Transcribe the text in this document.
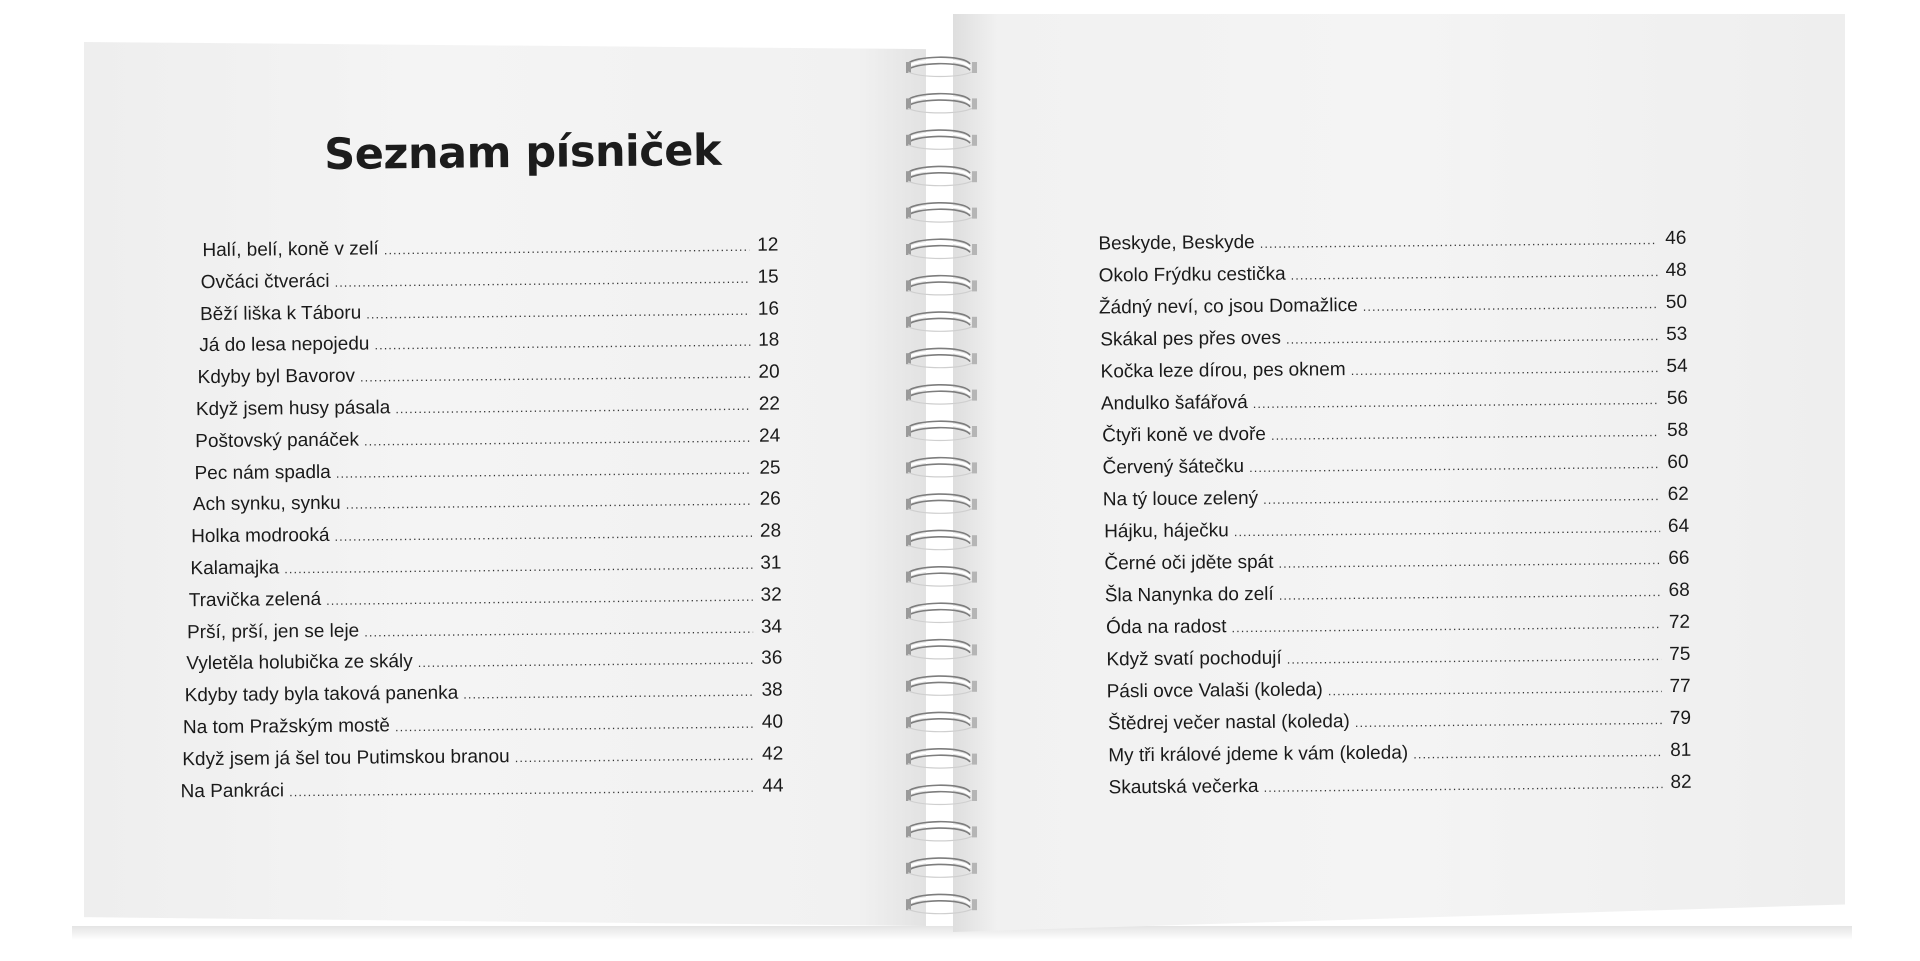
Seznam písniček
Halí, belí, koně v zelí .....	12
Ovčáci čtveráci .....	15
Běží liška k Táboru .....	16
Já do lesa nepojedu .....	18
Kdyby byl Bavorov .....	20
Když jsem husy pásala .....	22
Poštovský panáček .....	24
Pec nám spadla .....	25
Ach synku, synku .....	26
Holka modrooká .....	28
Kalamajka .....	31
Travička zelená .....	32
Prší, prší, jen se leje .....	34
Vyletěla holubička ze skály .....	36
Kdyby tady byla taková panenka .....	38
Na tom Pražským mostě .....	40
Když jsem já šel tou Putimskou branou .....	42
Na Pankráci .....	44
Beskyde, Beskyde .....	46
Okolo Frýdku cestička .....	48
Žádný neví, co jsou Domažlice .....	50
Skákal pes přes oves .....	53
Kočka leze dírou, pes oknem .....	54
Andulko šafářová .....	56
Čtyři koně ve dvoře .....	58
Červený šátečku .....	60
Na tý louce zelený .....	62
Hájku, háječku .....	64
Černé oči jděte spát .....	66
Šla Nanynka do zelí .....	68
Óda na radost .....	72
Když svatí pochodují .....	75
Pásli ovce Valaši (koleda) .....	77
Štědrej večer nastal (koleda) .....	79
My tři králové jdeme k vám (koleda) .....	81
Skautská večerka .....	82
